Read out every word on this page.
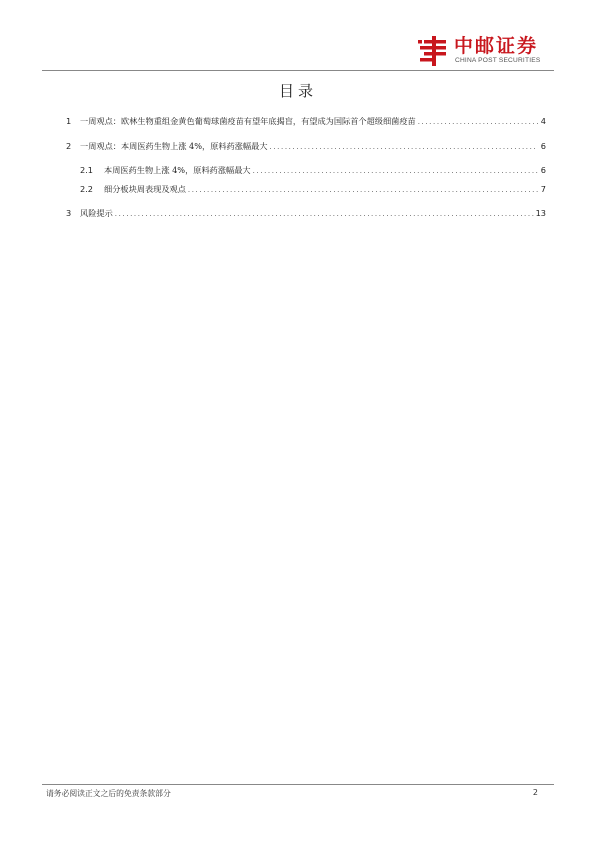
中邮证券
CHINA POST SECURITIES
目录
1	一周观点：欧林生物重组金黄色葡萄球菌疫苗有望年底揭盲，有望成为国际首个超级细菌疫苗 .....	4
2	一周观点：本周医药生物上涨 4%，原料药涨幅最大 .....	6
2.1	本周医药生物上涨 4%，原料药涨幅最大 .....	6
2.2	细分板块周表现及观点 .....	7
3	风险提示 .....	13
请务必阅读正文之后的免责条款部分	2
